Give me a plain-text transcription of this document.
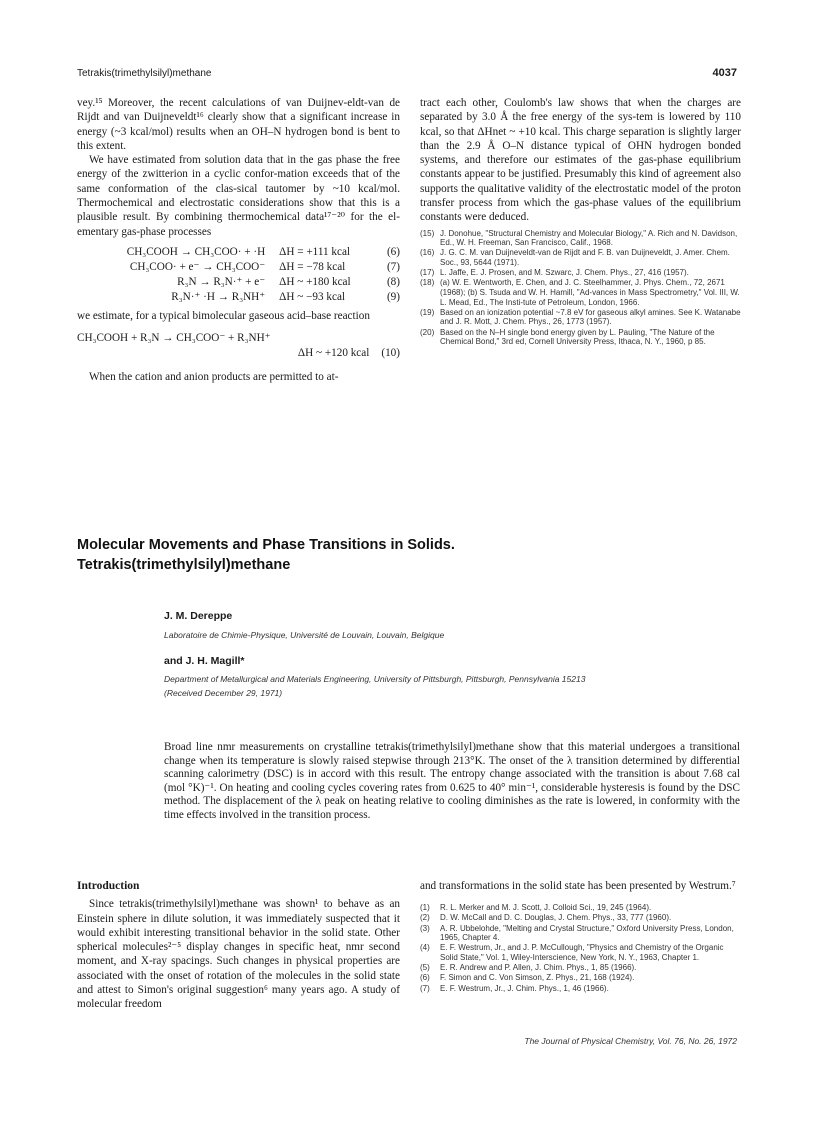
Tetrakis(trimethylsilyl)methane	4037

vey.¹⁵ Moreover, the recent calculations of van Duijnev-eldt-van de Rijdt and van Duijneveldt¹⁶ clearly show that a significant increase in energy (~3 kcal/mol) results when an OH–N hydrogen bond is bent to this extent.

We have estimated from solution data that in the gas phase the free energy of the zwitterion in a cyclic confor-mation exceeds that of the same conformation of the clas-sical tautomer by ~10 kcal/mol. Thermochemical and electrostatic considerations show that this is a plausible result. By combining thermochemical data¹⁷⁻²⁰ for the el-ementary gas-phase processes

CH₃COOH → CH₃COO· + ·H	ΔH = +111 kcal	(6)
CH₃COO· + e⁻ → CH₃COO⁻	ΔH = −78 kcal	(7)
R₃N → R₃N·⁺ + e⁻	ΔH ~ +180 kcal	(8)
R₃N·⁺ ·H → R₃NH⁺	ΔH ~ −93 kcal	(9)

we estimate, for a typical bimolecular gaseous acid–base reaction

CH₃COOH + R₃N → CH₃COO⁻ + R₃NH⁺
ΔH ~ +120 kcal (10)

When the cation and anion products are permitted to at-

tract each other, Coulomb's law shows that when the charges are separated by 3.0 Å the free energy of the sys-tem is lowered by 110 kcal, so that ΔHnet ~ +10 kcal. This charge separation is slightly larger than the 2.9 Å O–N distance typical of OHN hydrogen bonded systems, and therefore our estimates of the gas-phase equilibrium constants appear to be justified. Presumably this kind of agreement also supports the qualitative validity of the electrostatic model of the proton transfer process from which the gas-phase values of the equilibrium constants were deduced.

(15) J. Donohue, "Structural Chemistry and Molecular Biology," A. Rich and N. Davidson, Ed., W. H. Freeman, San Francisco, Calif., 1968.
(16) J. G. C. M. van Duijneveldt-van de Rijdt and F. B. van Duijneveldt, J. Amer. Chem. Soc., 93, 5644 (1971).
(17) L. Jaffe, E. J. Prosen, and M. Szwarc, J. Chem. Phys., 27, 416 (1957).
(18) (a) W. E. Wentworth, E. Chen, and J. C. Steelhammer, J. Phys. Chem., 72, 2671 (1968); (b) S. Tsuda and W. H. Hamill, "Ad-vances in Mass Spectrometry," Vol. III, W. L. Mead, Ed., The Insti-tute of Petroleum, London, 1966.
(19) Based on an ionization potential ~7.8 eV for gaseous alkyl amines. See K. Watanabe and J. R. Mott, J. Chem. Phys., 26, 1773 (1957).
(20) Based on the N–H single bond energy given by L. Pauling, "The Nature of the Chemical Bond," 3rd ed, Cornell University Press, Ithaca, N. Y., 1960, p 85.
Molecular Movements and Phase Transitions in Solids.
Tetrakis(trimethylsilyl)methane
J. M. Dereppe
Laboratoire de Chimie-Physique, Université de Louvain, Louvain, Belgique
and J. H. Magill*
Department of Metallurgical and Materials Engineering, University of Pittsburgh, Pittsburgh, Pennsylvania 15213
(Received December 29, 1971)
Broad line nmr measurements on crystalline tetrakis(trimethylsilyl)methane show that this material undergoes a transitional change when its temperature is slowly raised stepwise through 213°K. The onset of the λ transition determined by differential scanning calorimetry (DSC) is in accord with this result. The entropy change associated with the transition is about 7.68 cal (mol °K)⁻¹. On heating and cooling cycles covering rates from 0.625 to 40° min⁻¹, considerable hysteresis is found by the DSC method. The displacement of the λ peak on heating relative to cooling diminishes as the rate is lowered, in conformity with the time effects involved in the transition process.
Introduction

Since tetrakis(trimethylsilyl)methane was shown¹ to behave as an Einstein sphere in dilute solution, it was immediately suspected that it would exhibit interesting transitional behavior in the solid state. Other spherical molecules²⁻⁵ display changes in specific heat, nmr second moment, and X-ray spacings. Such changes in physical properties are associated with the onset of rotation of the molecules in the solid state and attest to Simon's original suggestion⁶ many years ago. A study of molecular freedom

and transformations in the solid state has been presented by Westrum.⁷

(1)	R. L. Merker and M. J. Scott, J. Colloid Sci., 19, 245 (1964).
(2)	D. W. McCall and D. C. Douglas, J. Chem. Phys., 33, 777 (1960).
(3)	A. R. Ubbelohde, "Melting and Crystal Structure," Oxford University Press, London, 1965, Chapter 4.
(4)	E. F. Westrum, Jr., and J. P. McCullough, "Physics and Chemistry of the Organic Solid State," Vol. 1, Wiley-Interscience, New York, N. Y., 1963, Chapter 1.
(5)	E. R. Andrew and P. Allen, J. Chim. Phys., 1, 85 (1966).
(6)	F. Simon and C. Von Simson, Z. Phys., 21, 168 (1924).
(7)	E. F. Westrum, Jr., J. Chim. Phys., 1, 46 (1966).
The Journal of Physical Chemistry, Vol. 76, No. 26, 1972
